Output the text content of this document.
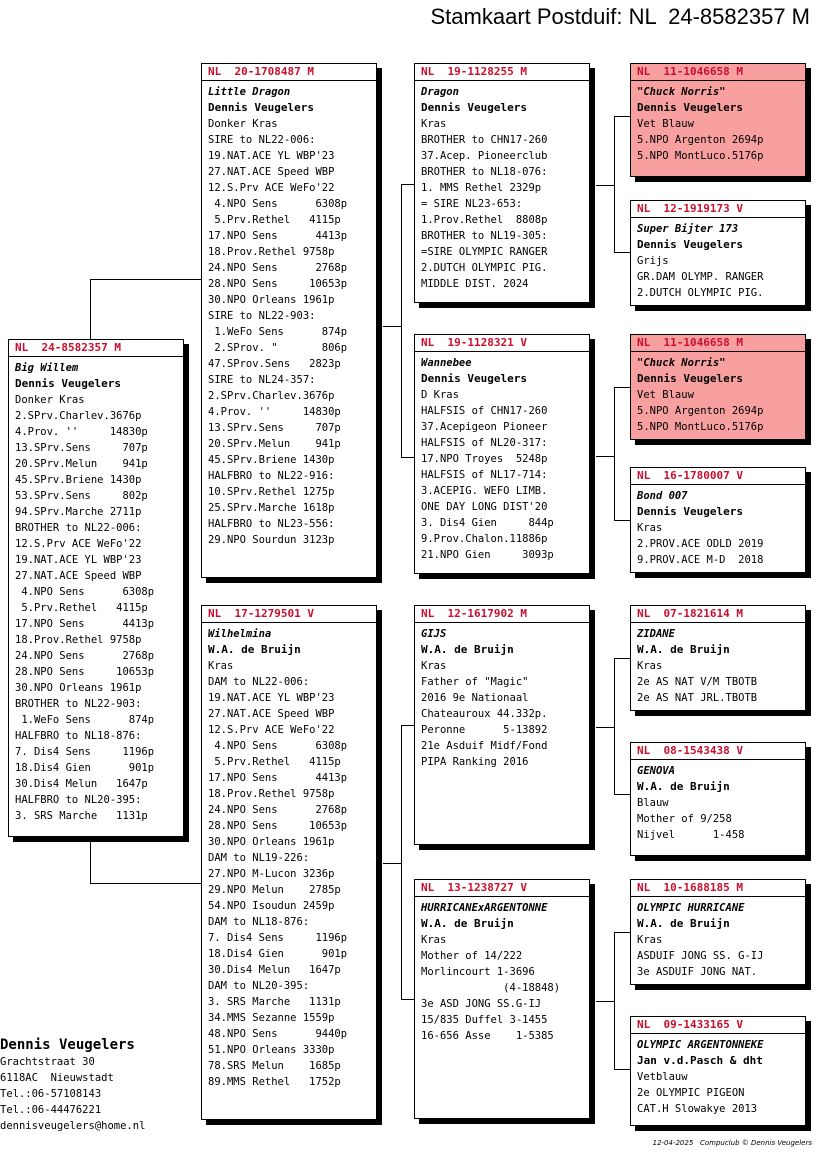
Stamkaart Postduif: NL  24-8582357 M
NL  24-8582357 M
Big Willem
Dennis Veugelers
Donker Kras
2.SPrv.Charlev.3676p
4.Prov. ''     14830p
13.SPrv.Sens     707p
20.SPrv.Melun    941p
45.SPrv.Briene 1430p
53.SPrv.Sens     802p
94.SPrv.Marche 2711p
BROTHER to NL22-006:
12.S.Prv ACE WeFo'22
19.NAT.ACE YL WBP'23
27.NAT.ACE Speed WBP
4.NPO Sens      6308p
5.Prv.Rethel   4115p
17.NPO Sens      4413p
18.Prov.Rethel 9758p
24.NPO Sens      2768p
28.NPO Sens     10653p
30.NPO Orleans 1961p
BROTHER to NL22-903:
1.WeFo Sens      874p
HALFBRO to NL18-876:
7. Dis4 Sens     1196p
18.Dis4 Gien      901p
30.Dis4 Melun   1647p
HALFBRO to NL20-395:
3. SRS Marche   1131p
NL  20-1708487 M
Little Dragon
Dennis Veugelers
Donker Kras
SIRE to NL22-006:
19.NAT.ACE YL WBP'23
27.NAT.ACE Speed WBP
12.S.Prv ACE WeFo'22
4.NPO Sens      6308p
5.Prv.Rethel   4115p
17.NPO Sens      4413p
18.Prov.Rethel 9758p
24.NPO Sens      2768p
28.NPO Sens     10653p
30.NPO Orleans 1961p
SIRE to NL22-903:
1.WeFo Sens      874p
2.SProv. "       806p
47.SProv.Sens   2823p
SIRE to NL24-357:
2.SPrv.Charlev.3676p
4.Prov. ''     14830p
13.SPrv.Sens     707p
20.SPrv.Melun    941p
45.SPrv.Briene 1430p
HALFBRO to NL22-916:
10.SPrv.Rethel 1275p
25.SPrv.Marche 1618p
HALFBRO to NL23-556:
29.NPO Sourdun 3123p
NL  17-1279501 V
Wilhelmina
W.A. de Bruijn
Kras
DAM to NL22-006:
19.NAT.ACE YL WBP'23
27.NAT.ACE Speed WBP
12.S.Prv ACE WeFo'22
4.NPO Sens      6308p
5.Prv.Rethel   4115p
17.NPO Sens      4413p
18.Prov.Rethel 9758p
24.NPO Sens      2768p
28.NPO Sens     10653p
30.NPO Orleans 1961p
DAM to NL19-226:
27.NPO M-Lucon 3236p
29.NPO Melun    2785p
54.NPO Isoudun 2459p
DAM to NL18-876:
7. Dis4 Sens     1196p
18.Dis4 Gien      901p
30.Dis4 Melun   1647p
DAM to NL20-395:
3. SRS Marche   1131p
34.MMS Sezanne 1559p
48.NPO Sens      9440p
51.NPO Orleans 3330p
78.SRS Melun    1685p
89.MMS Rethel   1752p
NL  19-1128255 M
Dragon
Dennis Veugelers
Kras
BROTHER to CHN17-260
37.Acep. Pioneerclub
BROTHER to NL18-076:
1. MMS Rethel 2329p
= SIRE NL23-653:
1.Prov.Rethel  8808p
BROTHER to NL19-305:
=SIRE OLYMPIC RANGER
2.DUTCH OLYMPIC PIG.
MIDDLE DIST. 2024
NL  19-1128321 V
Wannebee
Dennis Veugelers
D Kras
HALFSIS of CHN17-260
37.Acepigeon Pioneer
HALFSIS of NL20-317:
17.NPO Troyes  5248p
HALFSIS of NL17-714:
3.ACEPIG. WEFO LIMB.
ONE DAY LONG DIST'20
3. Dis4 Gien     844p
9.Prov.Chalon.11886p
21.NPO Gien     3093p
NL  12-1617902 M
GIJS
W.A. de Bruijn
Kras
Father of "Magic"
2016 9e Nationaal
Chateauroux 44.332p.
Peronne      5-13892
21e Asduif Midf/Fond
PIPA Ranking 2016
NL  13-1238727 V
HURRICANExARGENTONNE
W.A. de Bruijn
Kras
Mother of 14/222
Morlincourt 1-3696
(4-18848)
3e ASD JONG SS.G-IJ
15/835 Duffel 3-1455
16-656 Asse    1-5385
NL  11-1046658 M
"Chuck Norris"
Dennis Veugelers
Vet Blauw
5.NPO Argenton 2694p
5.NPO MontLuco.5176p
NL  12-1919173 V
Super Bijter 173
Dennis Veugelers
Grijs
GR.DAM OLYMP. RANGER
2.DUTCH OLYMPIC PIG.
NL  11-1046658 M
"Chuck Norris"
Dennis Veugelers
Vet Blauw
5.NPO Argenton 2694p
5.NPO MontLuco.5176p
NL  16-1780007 V
Bond 007
Dennis Veugelers
Kras
2.PROV.ACE ODLD 2019
9.PROV.ACE M-D  2018
NL  07-1821614 M
ZIDANE
W.A. de Bruijn
Kras
2e AS NAT V/M TBOTB
2e AS NAT JRL.TBOTB
NL  08-1543438 V
GENOVA
W.A. de Bruijn
Blauw
Mother of 9/258
Nijvel      1-458
NL  10-1688185 M
OLYMPIC HURRICANE
W.A. de Bruijn
Kras
ASDUIF JONG SS. G-IJ
3e ASDUIF JONG NAT.
NL  09-1433165 V
OLYMPIC ARGENTONNEKE
Jan v.d.Pasch & dht
Vetblauw
2e OLYMPIC PIGEON
CAT.H Slowakye 2013
Dennis Veugelers
Grachtstraat 30
6118AC  Nieuwstadt
Tel.:06-57108143
Tel.:06-44476221
dennisveugelers@home.nl
12-04-2025   Compuclub © Dennis Veugelers
